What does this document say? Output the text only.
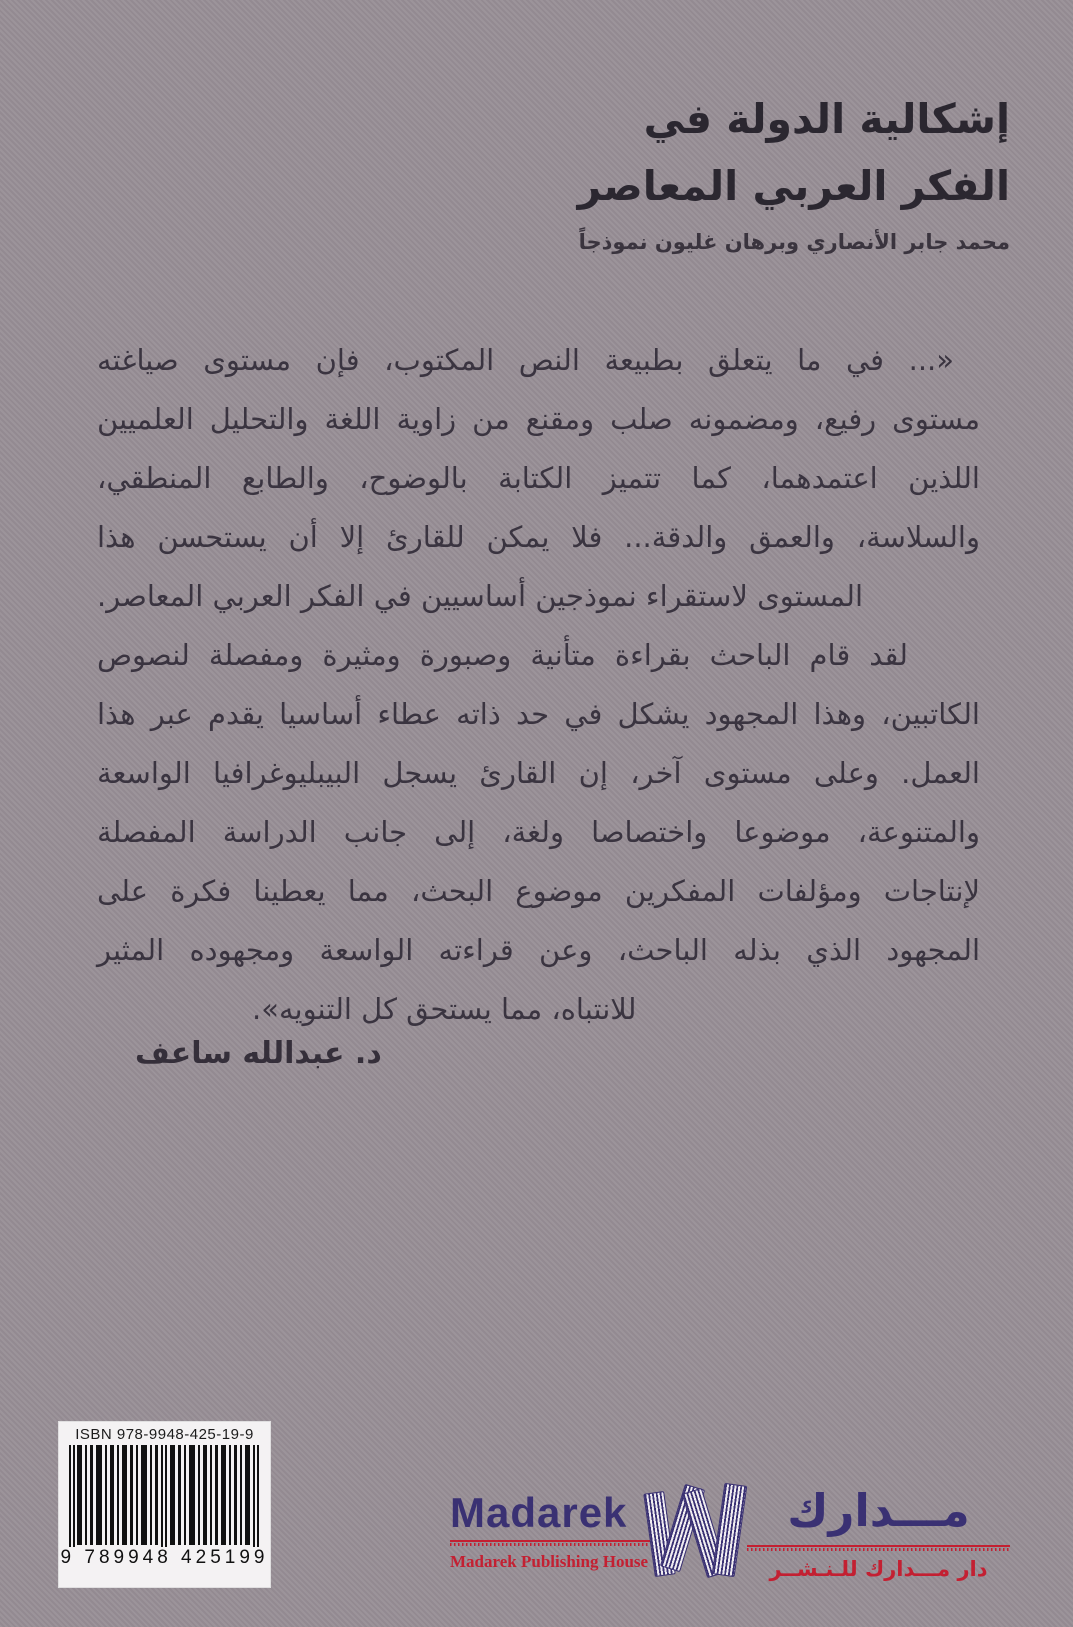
إشكالية الدولة في
الفكر العربي المعاصر
محمد جابر الأنصاري وبرهان غليون نموذجاً
«... في ما يتعلق بطبيعة النص المكتوب، فإن مستوى صياغته
مستوى رفيع، ومضمونه صلب ومقنع من زاوية اللغة والتحليل العلميين
اللذين اعتمدهما، كما تتميز الكتابة بالوضوح، والطابع المنطقي،
والسلاسة، والعمق والدقة... فلا يمكن للقارئ إلا أن يستحسن هذا
المستوى لاستقراء نموذجين أساسيين في الفكر العربي المعاصر.
لقد قام الباحث بقراءة متأنية وصبورة ومثيرة ومفصلة لنصوص
الكاتبين، وهذا المجهود يشكل في حد ذاته عطاء أساسيا يقدم عبر هذا
العمل. وعلى مستوى آخر، إن القارئ يسجل البيبليوغرافيا الواسعة
والمتنوعة، موضوعا واختصاصا ولغة، إلى جانب الدراسة المفصلة
لإنتاجات ومؤلفات المفكرين موضوع البحث، مما يعطينا فكرة على
المجهود الذي بذله الباحث، وعن قراءته الواسعة ومجهوده المثير
للانتباه، مما يستحق كل التنويه».
د. عبدالله ساعف
ISBN 978-9948-425-19-9
9 789948 425199
Madarek
Madarek Publishing House
مـــدارك
دار مـــدارك للـنـشــر
